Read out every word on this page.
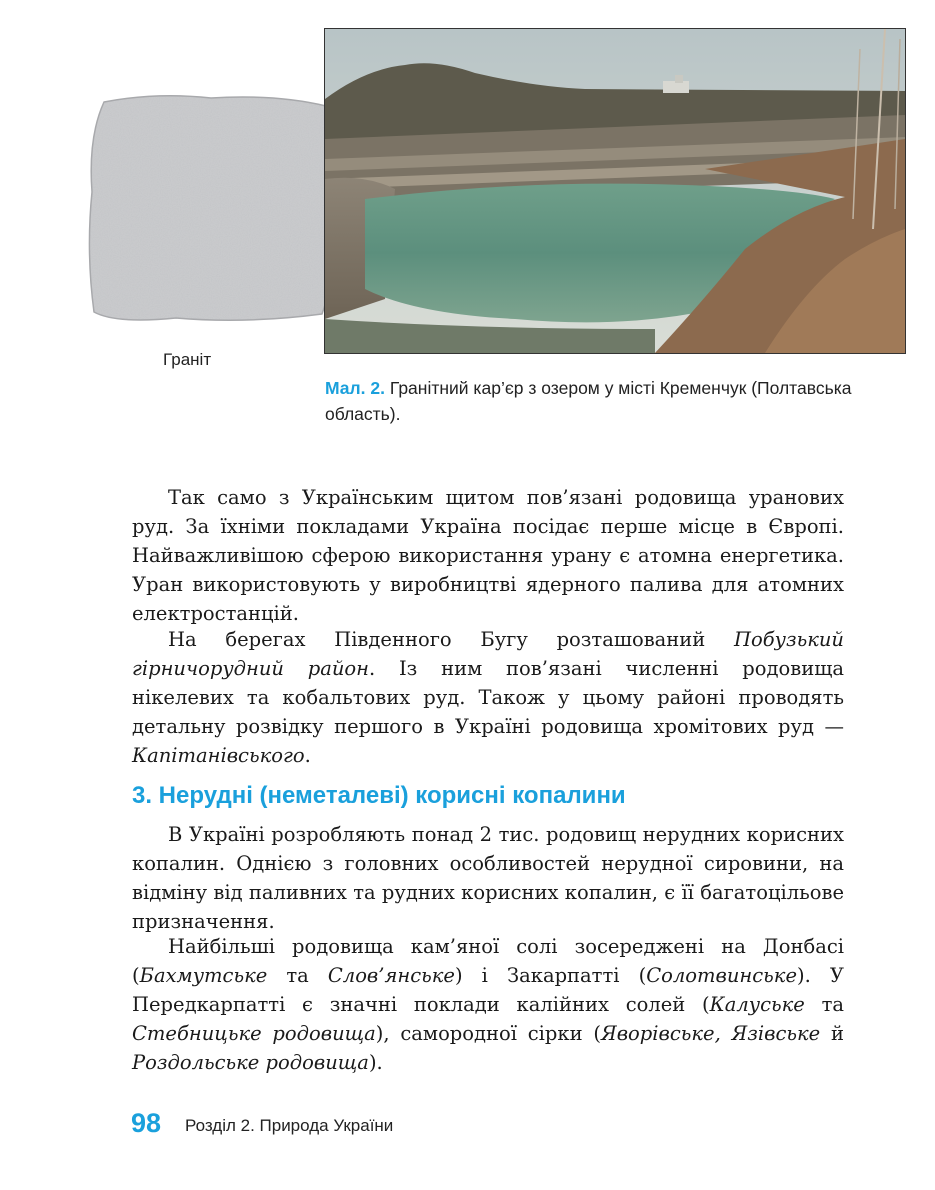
Граніт
Мал. 2. Гранітний кар’єр з озером у місті Кременчук (Полтавська область).

Так само з Українським щитом пов’язані родовища уранових руд. За їхніми покладами Україна посідає перше місце в Європі. Найважливішою сферою використання урану є атомна енергетика. Уран використовують у виробництві ядерного палива для атомних електростанцій.

На берегах Південного Бугу розташований Побузький гірничорудний район. Із ним пов’язані численні родовища нікелевих та кобальтових руд. Також у цьому районі проводять детальну розвідку першого в Україні родовища хромітових руд — Капітанівського.

3. Нерудні (неметалеві) корисні копалини

В Україні розробляють понад 2 тис. родовищ нерудних корисних копалин. Однією з головних особливостей нерудної сировини, на відміну від паливних та рудних корисних копалин, є її багатоцільове призначення.

Найбільші родовища кам’яної солі зосереджені на Донбасі (Бахмутське та Слов’янське) і Закарпатті (Солотвинське). У Передкарпатті є значні поклади калійних солей (Калуське та Стебницьке родовища), самородної сірки (Яворівське, Язівське й Роздольське родовища).

98 Розділ 2. Природа України
